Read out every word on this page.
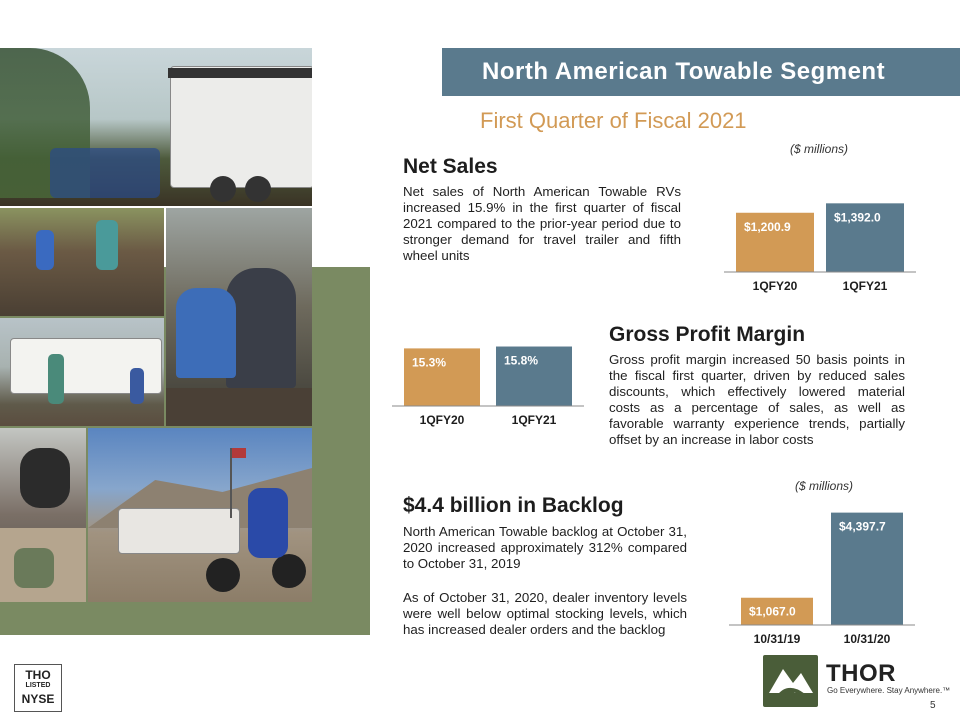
North American Towable Segment
First Quarter of Fiscal 2021
Net Sales
Net sales of North American Towable RVs increased 15.9% in the first quarter of fiscal 2021 compared to the prior-year period due to stronger demand for travel trailer and fifth wheel units
($ millions)
$1,200.9
1QFY20
$1,392.0
1QFY21
Gross Profit Margin
Gross profit margin increased 50 basis points in the fiscal first quarter, driven by reduced sales discounts, which effectively lowered material costs as a percentage of sales, as well as favorable warranty experience trends, partially offset by an increase in labor costs
15.3%
1QFY20
15.8%
1QFY21
$4.4 billion in Backlog
North American Towable backlog at October 31, 2020 increased approximately 312% compared to October 31, 2019
As of October 31, 2020, dealer inventory levels were well below optimal stocking levels, which has increased dealer orders and the backlog
($ millions)
$1,067.0
10/31/19
$4,397.7
10/31/20
THO
LISTED
NYSE
THOR
Go Everywhere. Stay Anywhere.™
5
